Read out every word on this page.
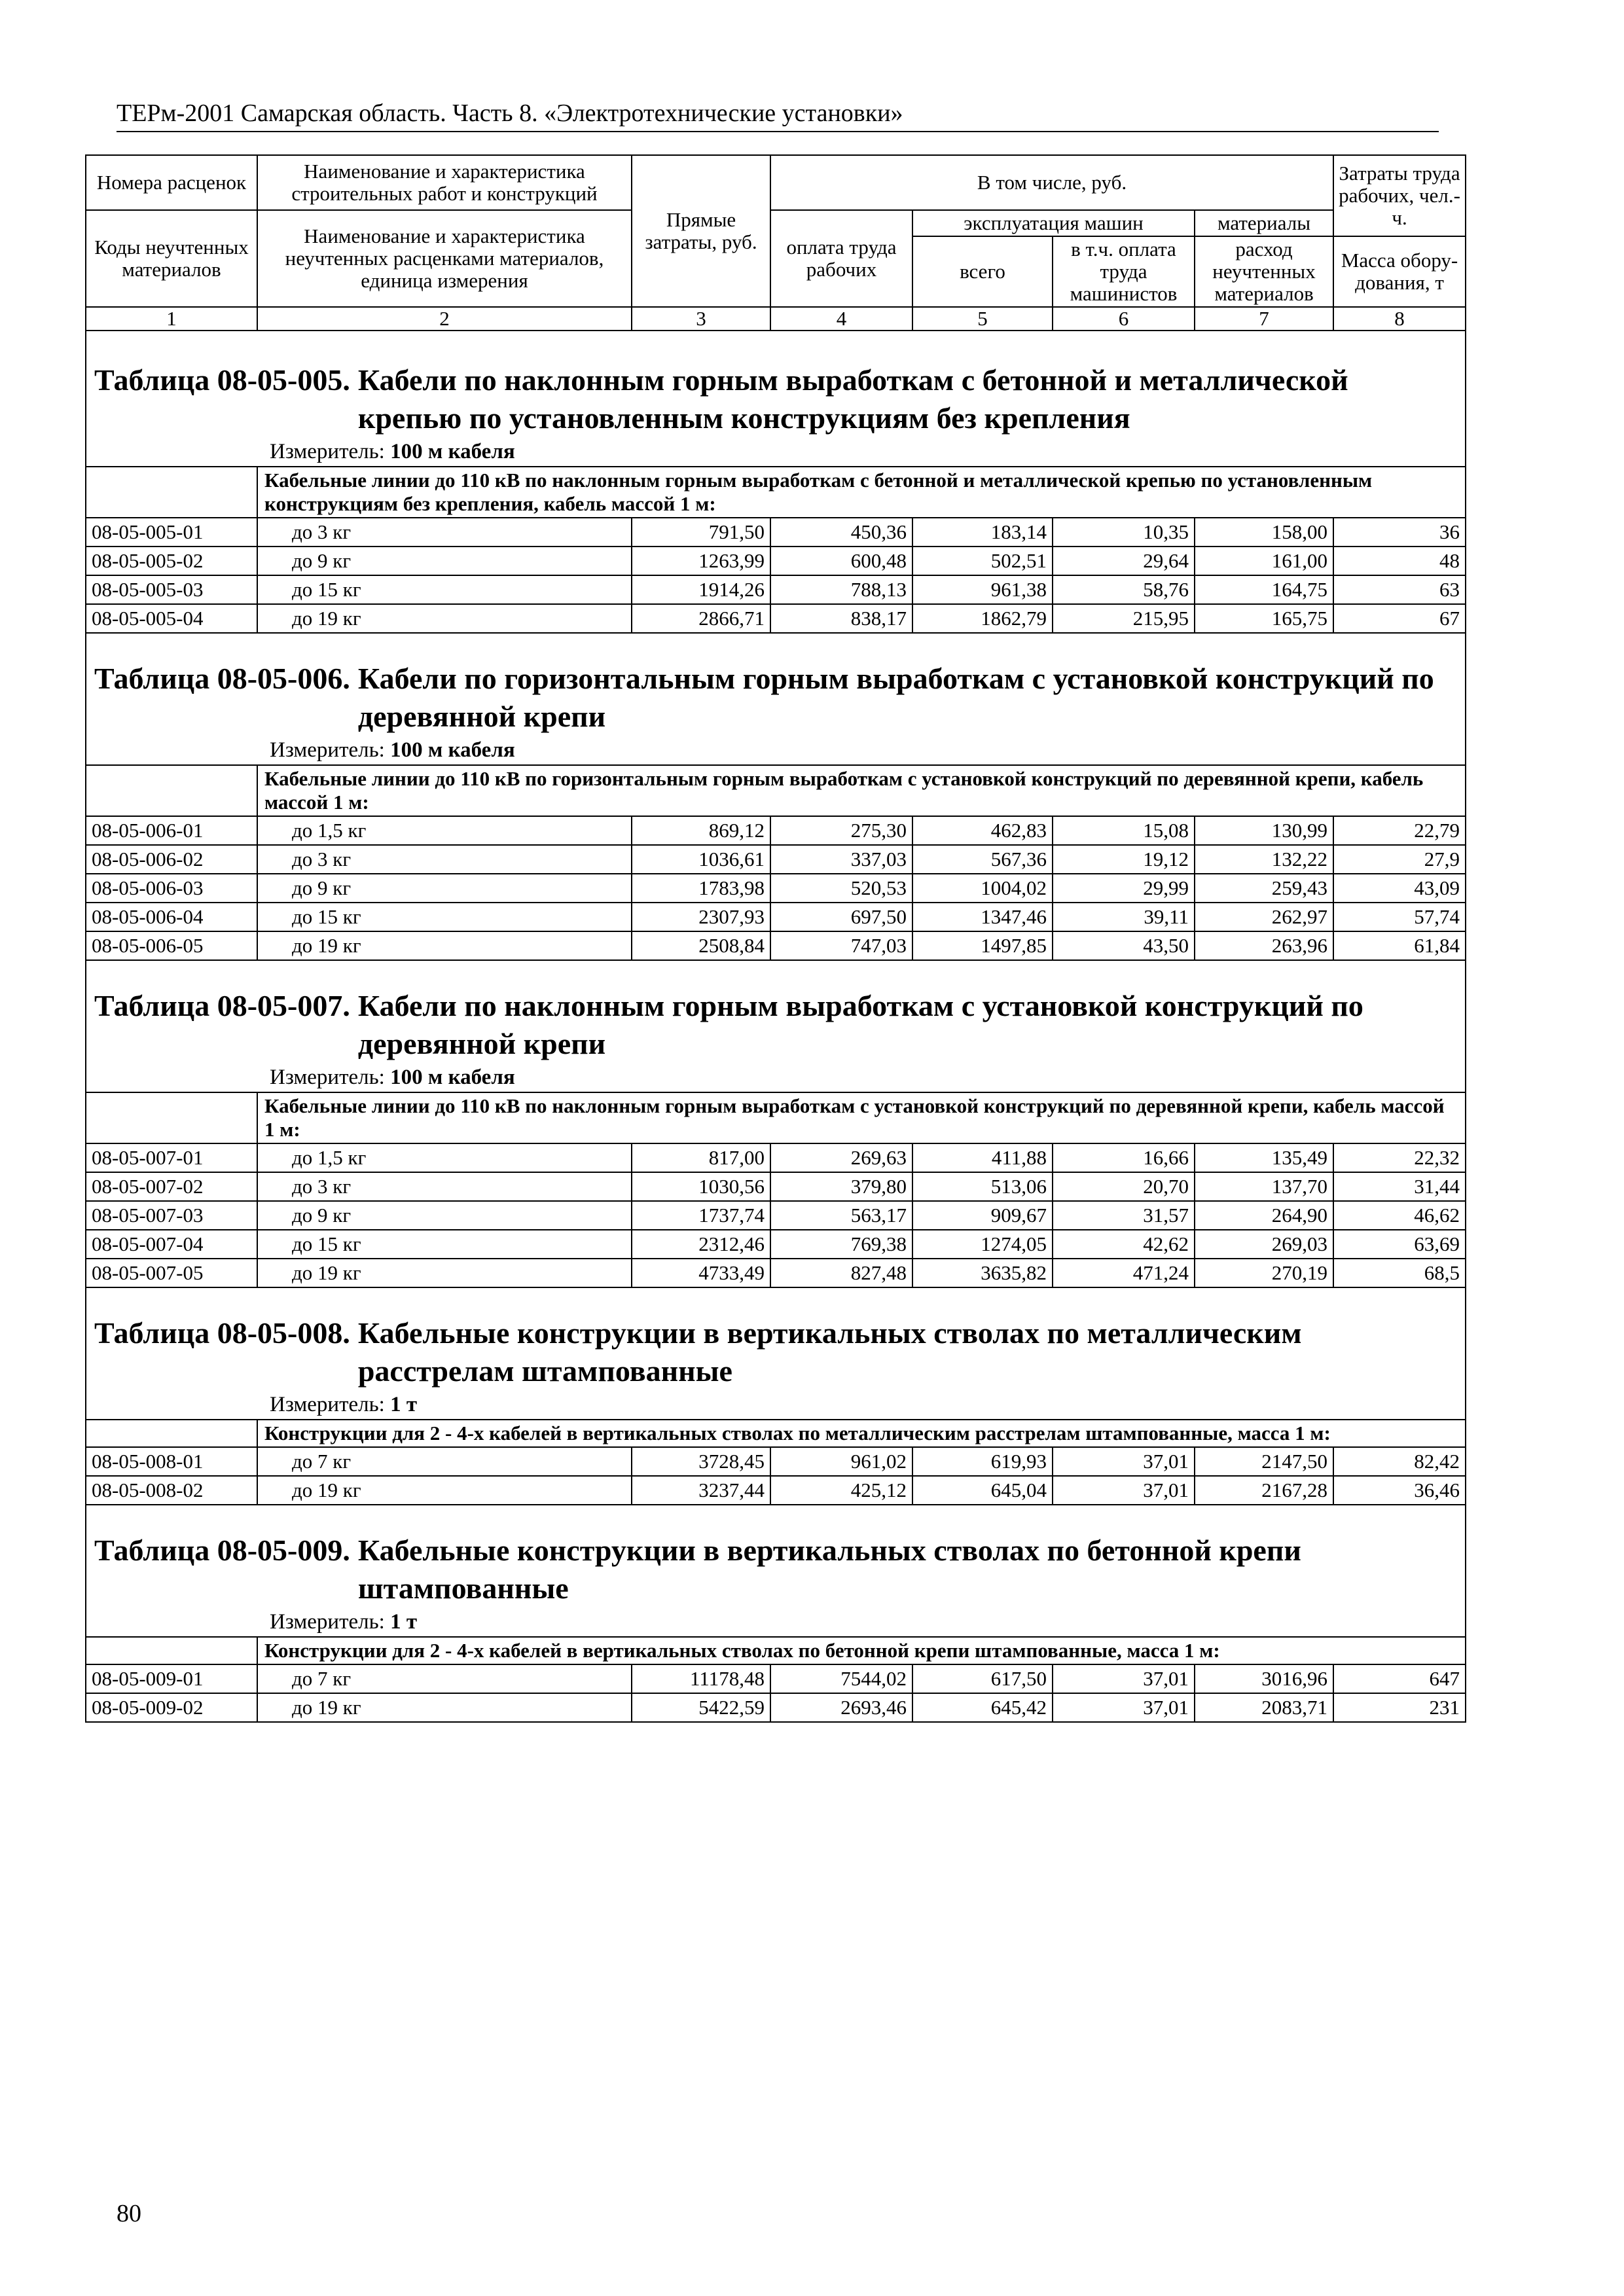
ТЕРм-2001 Самарская область. Часть 8. «Электротехнические установки»
Номера расценок	Наименование и характеристика строительных работ и конструкций	Прямые затраты, руб.	В том числе, руб.				Затраты труда рабочих, чел.-ч.
Коды неучтенных материалов	Наименование и характеристика неучтенных расценками материалов, единица измерения		оплата труда рабочих	эксплуатация машин		материалы	
				всего	в т.ч. оплата труда машинистов	расход неучтенных материалов	
							Масса обору-дования, т
1	2	3	4	5	6	7	8

Таблица 08-05-005. Кабели по наклонным горным выработкам с бетонной и металлической крепью по установленным конструкциям без крепления							

Измеритель: 100 м кабеля							

	Кабельные линии до 110 кВ по наклонным горным выработкам с бетонной и металлической крепью по установленным конструкциям без крепления, кабель массой 1 м:						
08-05-005-01	до 3 кг	791,50	450,36	183,14	10,35	158,00	36
08-05-005-02	до 9 кг	1263,99	600,48	502,51	29,64	161,00	48
08-05-005-03	до 15 кг	1914,26	788,13	961,38	58,76	164,75	63
08-05-005-04	до 19 кг	2866,71	838,17	1862,79	215,95	165,75	67

Таблица 08-05-006. Кабели по горизонтальным горным выработкам с установкой конструкций по деревянной крепи							

Измеритель: 100 м кабеля							

	Кабельные линии до 110 кВ по горизонтальным горным выработкам с установкой конструкций по деревянной крепи, кабель массой 1 м:						
08-05-006-01	до 1,5 кг	869,12	275,30	462,83	15,08	130,99	22,79
08-05-006-02	до 3 кг	1036,61	337,03	567,36	19,12	132,22	27,9
08-05-006-03	до 9 кг	1783,98	520,53	1004,02	29,99	259,43	43,09
08-05-006-04	до 15 кг	2307,93	697,50	1347,46	39,11	262,97	57,74
08-05-006-05	до 19 кг	2508,84	747,03	1497,85	43,50	263,96	61,84

Таблица 08-05-007. Кабели по наклонным горным выработкам с установкой конструкций по деревянной крепи							

Измеритель: 100 м кабеля							

	Кабельные линии до 110 кВ по наклонным горным выработкам с установкой конструкций по деревянной крепи, кабель массой 1 м:						
08-05-007-01	до 1,5 кг	817,00	269,63	411,88	16,66	135,49	22,32
08-05-007-02	до 3 кг	1030,56	379,80	513,06	20,70	137,70	31,44
08-05-007-03	до 9 кг	1737,74	563,17	909,67	31,57	264,90	46,62
08-05-007-04	до 15 кг	2312,46	769,38	1274,05	42,62	269,03	63,69
08-05-007-05	до 19 кг	4733,49	827,48	3635,82	471,24	270,19	68,5

Таблица 08-05-008. Кабельные конструкции в вертикальных стволах по металлическим расстрелам штампованные							

Измеритель: 1 т							

	Конструкции для 2 - 4-х кабелей в вертикальных стволах по металлическим расстрелам штампованные, масса 1 м:						
08-05-008-01	до 7 кг	3728,45	961,02	619,93	37,01	2147,50	82,42
08-05-008-02	до 19 кг	3237,44	425,12	645,04	37,01	2167,28	36,46

Таблица 08-05-009. Кабельные конструкции в вертикальных стволах по бетонной крепи штампованные							

Измеритель: 1 т							

	Конструкции для 2 - 4-х кабелей в вертикальных стволах по бетонной крепи штампованные, масса 1 м:						
08-05-009-01	до 7 кг	11178,48	7544,02	617,50	37,01	3016,96	647
08-05-009-02	до 19 кг	5422,59	2693,46	645,42	37,01	2083,71	231
80
